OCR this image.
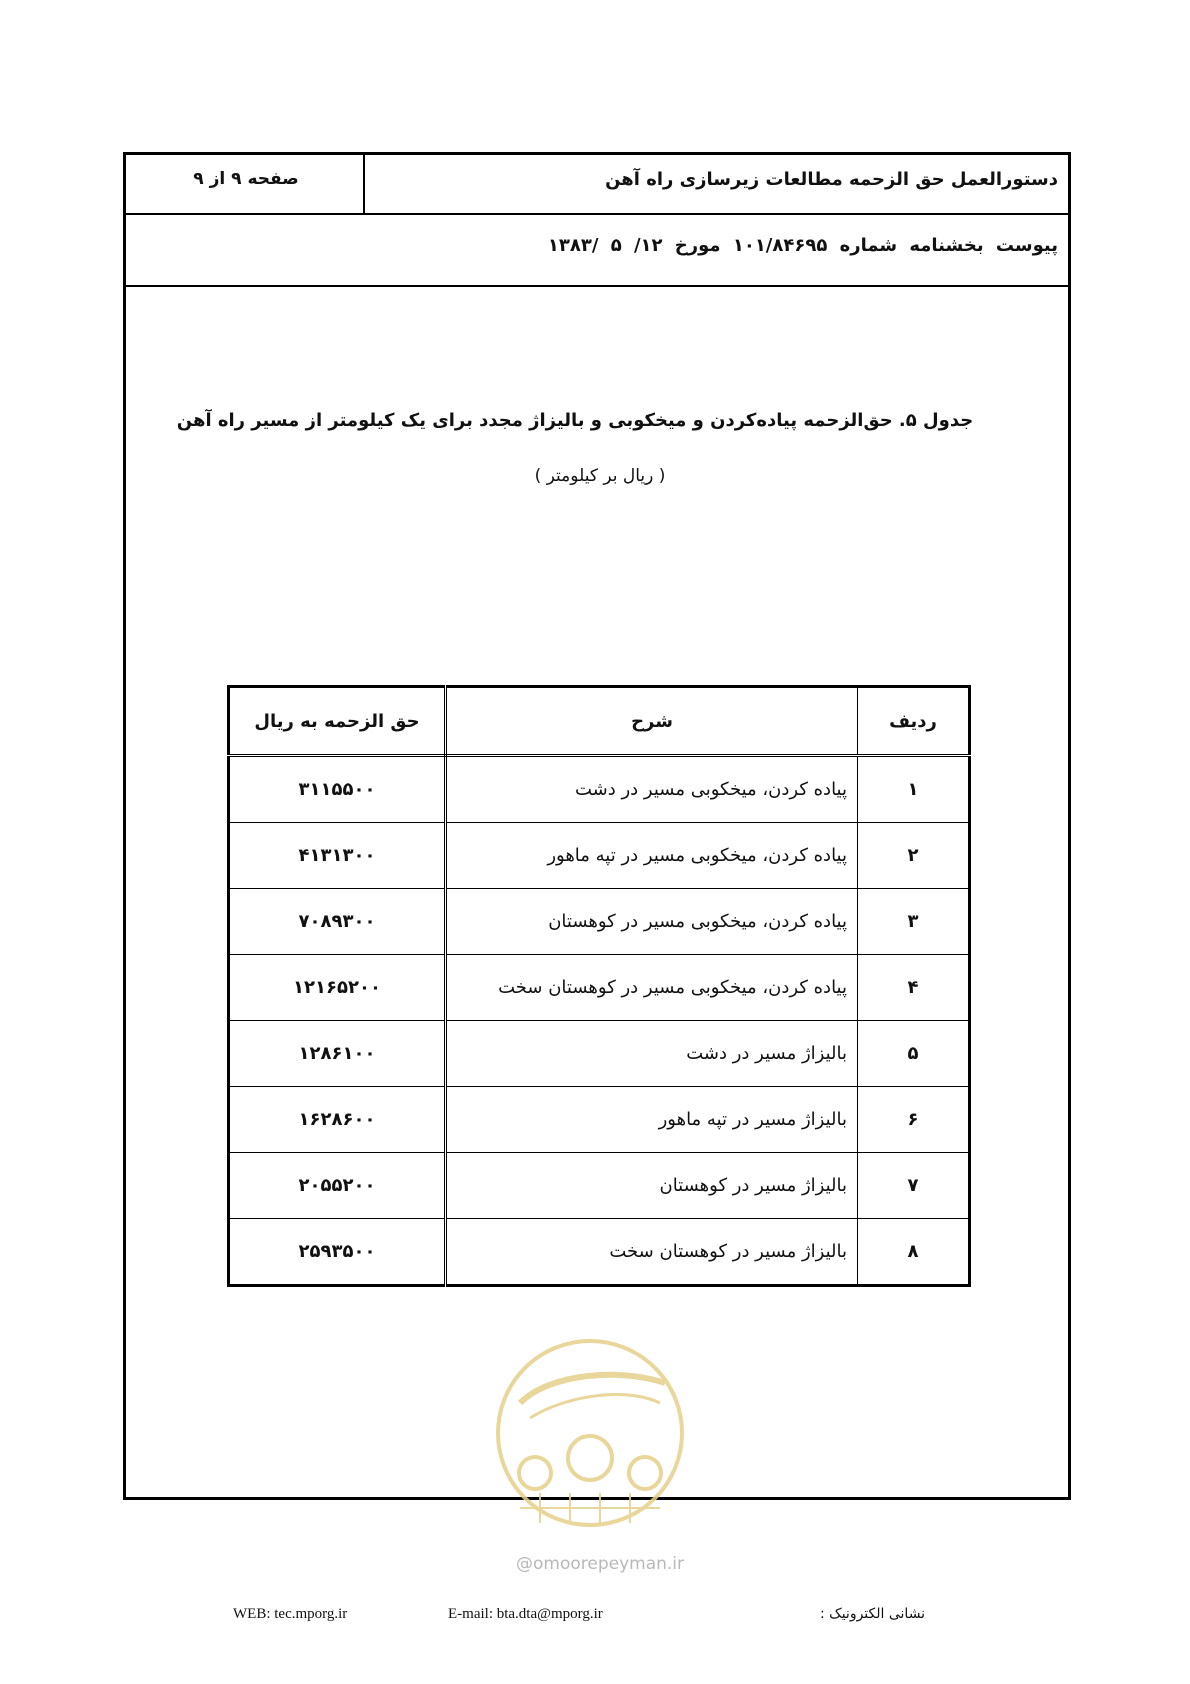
دستورالعمل حق الزحمه مطالعات زیرسازی راه آهن
صفحه ۹ از ۹
پیوست بخشنامه شماره ۱۰۱/۸۴۶۹۵ مورخ ۱۲/ ۵ /۱۳۸۳
جدول ۵. حق‌الزحمه پیاده‌کردن و میخکوبی و بالیزاژ مجدد برای یک کیلومتر از مسیر راه آهن
( ریال بر کیلومتر )
ردیف	شرح	حق الزحمه به ریال
۱	پیاده کردن، میخکوبی مسیر در دشت	۳۱۱۵۵۰۰
۲	پیاده کردن، میخکوبی مسیر در تپه ماهور	۴۱۳۱۳۰۰
۳	پیاده کردن، میخکوبی مسیر در کوهستان	۷۰۸۹۳۰۰
۴	پیاده کردن، میخکوبی مسیر در کوهستان سخت	۱۲۱۶۵۲۰۰
۵	بالیزاژ مسیر در دشت	۱۲۸۶۱۰۰
۶	بالیزاژ مسیر در تپه ماهور	۱۶۲۸۶۰۰
۷	بالیزاژ مسیر در کوهستان	۲۰۵۵۲۰۰
۸	بالیزاژ مسیر در کوهستان سخت	۲۵۹۳۵۰۰
@omoorepeyman.ir
WEB: tec.mporg.ir	E-mail: bta.dta@mporg.ir	نشانی الکترونیک :
